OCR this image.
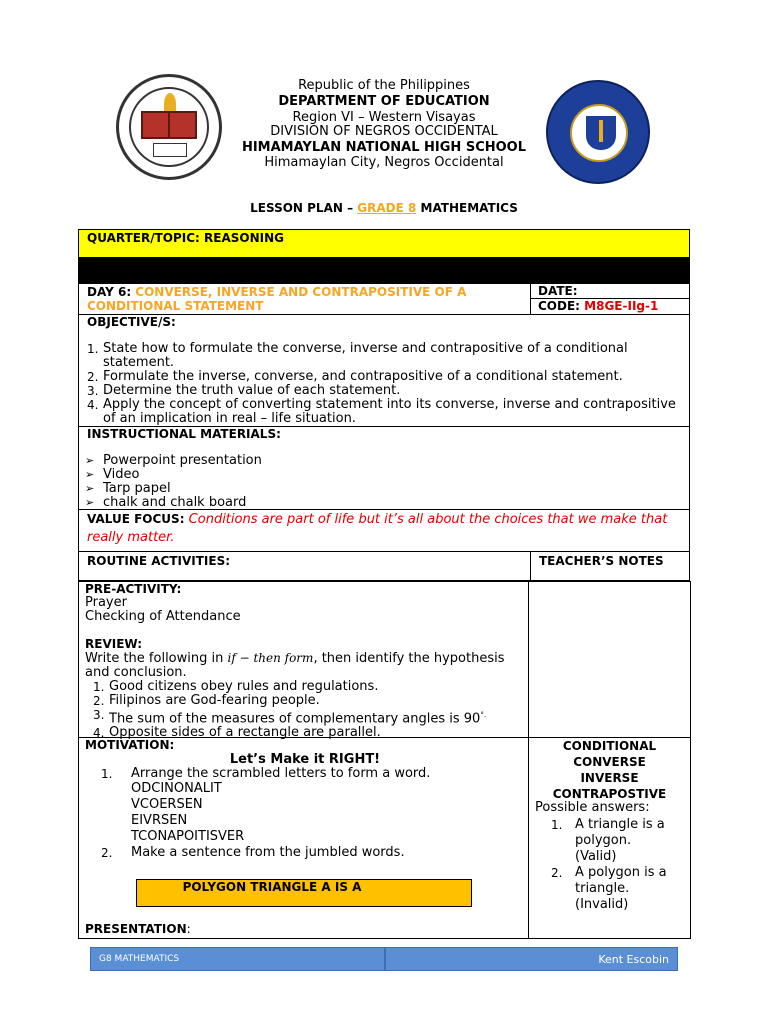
Republic of the Philippines
DEPARTMENT OF EDUCATION
Region VI – Western Visayas
DIVISION OF NEGROS OCCIDENTAL
HIMAMAYLAN NATIONAL HIGH SCHOOL
Himamaylan City, Negros Occidental
LESSON PLAN – GRADE 8 MATHEMATICS
QUARTER/TOPIC: REASONING
DAY 6: CONVERSE, INVERSE AND CONTRAPOSITIVE OF A CONDITIONAL STATEMENT
DATE:
CODE: M8GE-IIg-1
OBJECTIVE/S:
1. State how to formulate the converse, inverse and contrapositive of a conditional statement.
2. Formulate the inverse, converse, and contrapositive of a conditional statement.
3. Determine the truth value of each statement.
4. Apply the concept of converting statement into its converse, inverse and contrapositive of an implication in real – life situation.
INSTRUCTIONAL MATERIALS:
➢ Powerpoint presentation
➢ Video
➢ Tarp papel
➢ chalk and chalk board
VALUE FOCUS: Conditions are part of life but it’s all about the choices that we make that really matter.
ROUTINE ACTIVITIES:	TEACHER’S NOTES
PRE-ACTIVITY:
Prayer
Checking of Attendance
REVIEW:
Write the following in if − then form, then identify the hypothesis and conclusion.
1. Good citizens obey rules and regulations.
2. Filipinos are God-fearing people.
3. The sum of the measures of complementary angles is 90°.
4. Opposite sides of a rectangle are parallel.
MOTIVATION:
Let’s Make it RIGHT!
1. Arrange the scrambled letters to form a word.
ODCINONALIT
VCOERSEN
EIVRSEN
TCONAPOITISVER
2. Make a sentence from the jumbled words.
POLYGON TRIANGLE A IS A
PRESENTATION:
CONDITIONAL
CONVERSE
INVERSE
CONTRAPOSTIVE
Possible answers:
1. A triangle is a polygon.
(Valid)
2. A polygon is a triangle.
(Invalid)
G8 MATHEMATICS	Kent Escobin
